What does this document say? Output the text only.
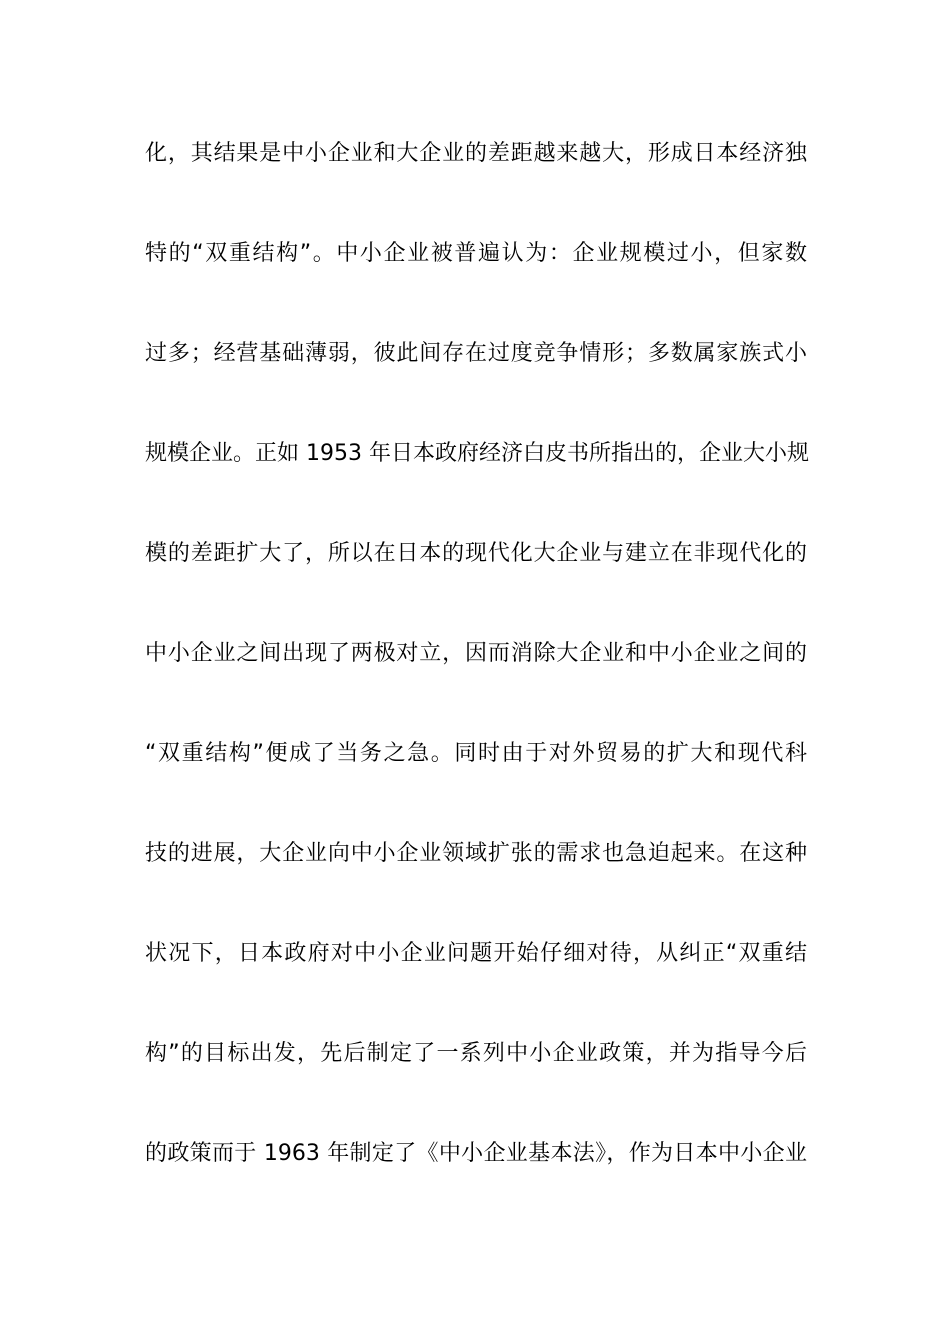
化，其结果是中小企业和大企业的差距越来越大，形成日本经济独
特的“双重结构”。中小企业被普遍认为：企业规模过小，但家数
过多；经营基础薄弱，彼此间存在过度竞争情形；多数属家族式小
规模企业。正如 1953 年日本政府经济白皮书所指出的，企业大小规
模的差距扩大了，所以在日本的现代化大企业与建立在非现代化的
中小企业之间出现了两极对立，因而消除大企业和中小企业之间的
“双重结构”便成了当务之急。同时由于对外贸易的扩大和现代科
技的进展，大企业向中小企业领域扩张的需求也急迫起来。在这种
状况下，日本政府对中小企业问题开始仔细对待，从纠正“双重结
构”的目标出发，先后制定了一系列中小企业政策，并为指导今后
的政策而于 1963 年制定了《中小企业基本法》，作为日本中小企业
